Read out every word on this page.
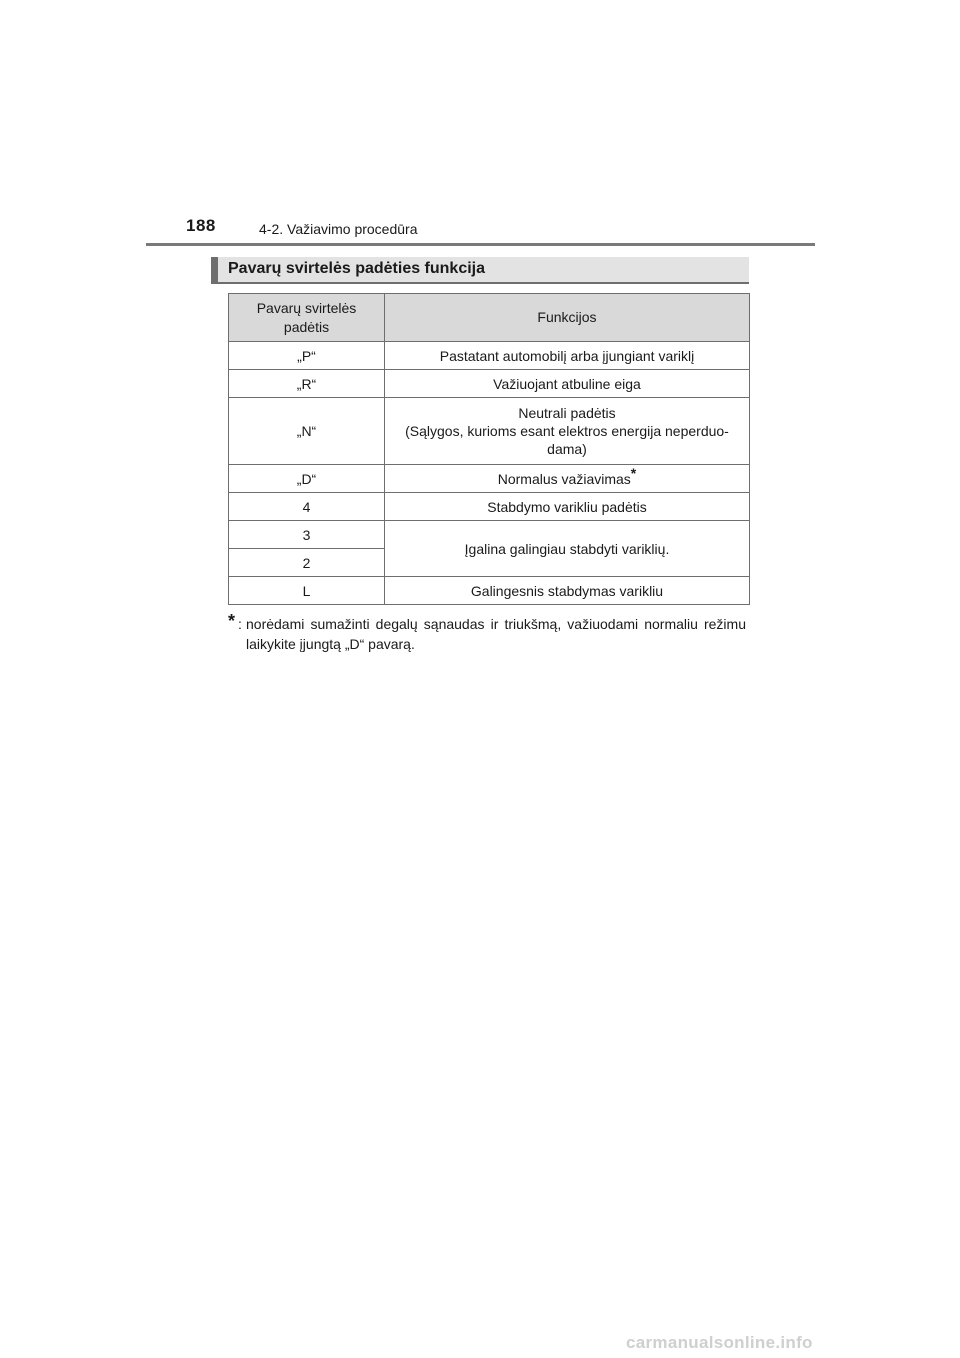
188	4-2. Važiavimo procedūra
Pavarų svirtelės padėties funkcija
Pavarų svirtelės
padėtis	Funkcijos
„P“	Pastatant automobilį arba įjungiant variklį
„R“	Važiuojant atbuline eiga
„N“	Neutrali padėtis
(Sąlygos, kurioms esant elektros energija neperduo-
dama)
„D“	Normalus važiavimas*
4	Stabdymo varikliu padėtis
3	Įgalina galingiau stabdyti variklių.
2	
L	Galingesnis stabdymas varikliu
* : norėdami sumažinti degalų sąnaudas ir triukšmą, važiuodami normaliu režimu laikykite įjungtą „D“ pavarą.
carmanualsonline.info
